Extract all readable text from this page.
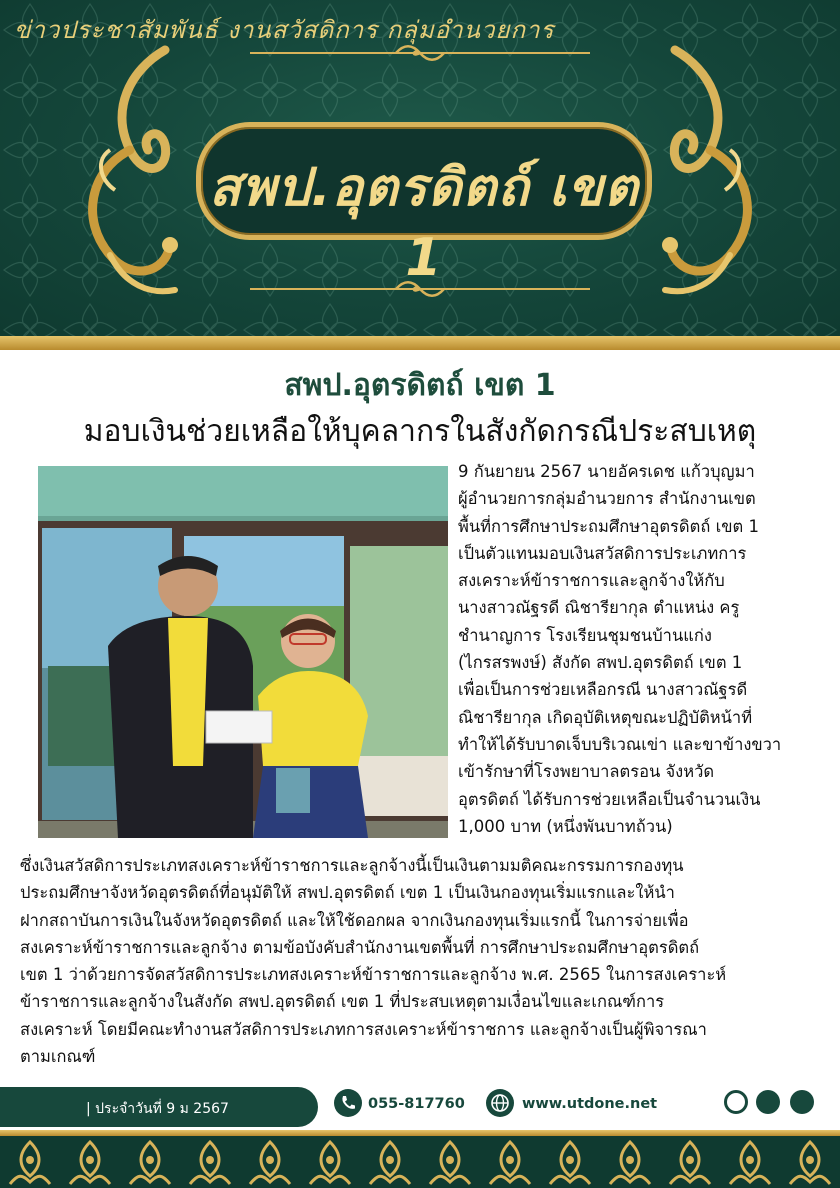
ข่าวประชาสัมพันธ์ งานสวัสดิการ กลุ่มอำนวยการ
สพป.อุตรดิตถ์ เขต 1
สพป.อุตรดิตถ์ เขต 1
มอบเงินช่วยเหลือให้บุคลากรในสังกัดกรณีประสบเหตุ
9 กันยายน 2567 นายอัครเดช แก้วบุญมา
ผู้อำนวยการกลุ่มอำนวยการ สำนักงานเขต
พื้นที่การศึกษาประถมศึกษาอุตรดิตถ์ เขต 1
เป็นตัวแทนมอบเงินสวัสดิการประเภทการ
สงเคราะห์ข้าราชการและลูกจ้างให้กับ
นางสาวณัฐรดี ณิชารียากุล ตำแหน่ง ครู
ชำนาญการ โรงเรียนชุมชนบ้านแก่ง
(ไกรสรพงษ์) สังกัด สพป.อุตรดิตถ์ เขต 1
เพื่อเป็นการช่วยเหลือกรณี นางสาวณัฐรดี
ณิชารียากุล เกิดอุบัติเหตุขณะปฏิบัติหน้าที่
ทำให้ได้รับบาดเจ็บบริเวณเข่า และขาข้างขวา
เข้ารักษาที่โรงพยาบาลตรอน จังหวัด
อุตรดิตถ์ ได้รับการช่วยเหลือเป็นจำนวนเงิน
1,000 บาท (หนึ่งพันบาทถ้วน)
ซึ่งเงินสวัสดิการประเภทสงเคราะห์ข้าราชการและลูกจ้างนี้เป็นเงินตามมติคณะกรรมการกองทุน
ประถมศึกษาจังหวัดอุตรดิตถ์ที่อนุมัติให้ สพป.อุตรดิตถ์ เขต 1 เป็นเงินกองทุนเริ่มแรกและให้นำ
ฝากสถาบันการเงินในจังหวัดอุตรดิตถ์ และให้ใช้ดอกผล จากเงินกองทุนเริ่มแรกนี้ ในการจ่ายเพื่อ
สงเคราะห์ข้าราชการและลูกจ้าง ตามข้อบังคับสำนักงานเขตพื้นที่ การศึกษาประถมศึกษาอุตรดิตถ์
เขต 1 ว่าด้วยการจัดสวัสดิการประเภทสงเคราะห์ข้าราชการและลูกจ้าง พ.ศ. 2565 ในการสงเคราะห์
ข้าราชการและลูกจ้างในสังกัด สพป.อุตรดิตถ์ เขต 1 ที่ประสบเหตุตามเงื่อนไขและเกณฑ์การ
สงเคราะห์ โดยมีคณะทำงานสวัสดิการประเภทการสงเคราะห์ข้าราชการ และลูกจ้างเป็นผู้พิจารณา
ตามเกณฑ์
| ประจำวันที่ 9 ม 2567	055-817760	www.utdone.net
